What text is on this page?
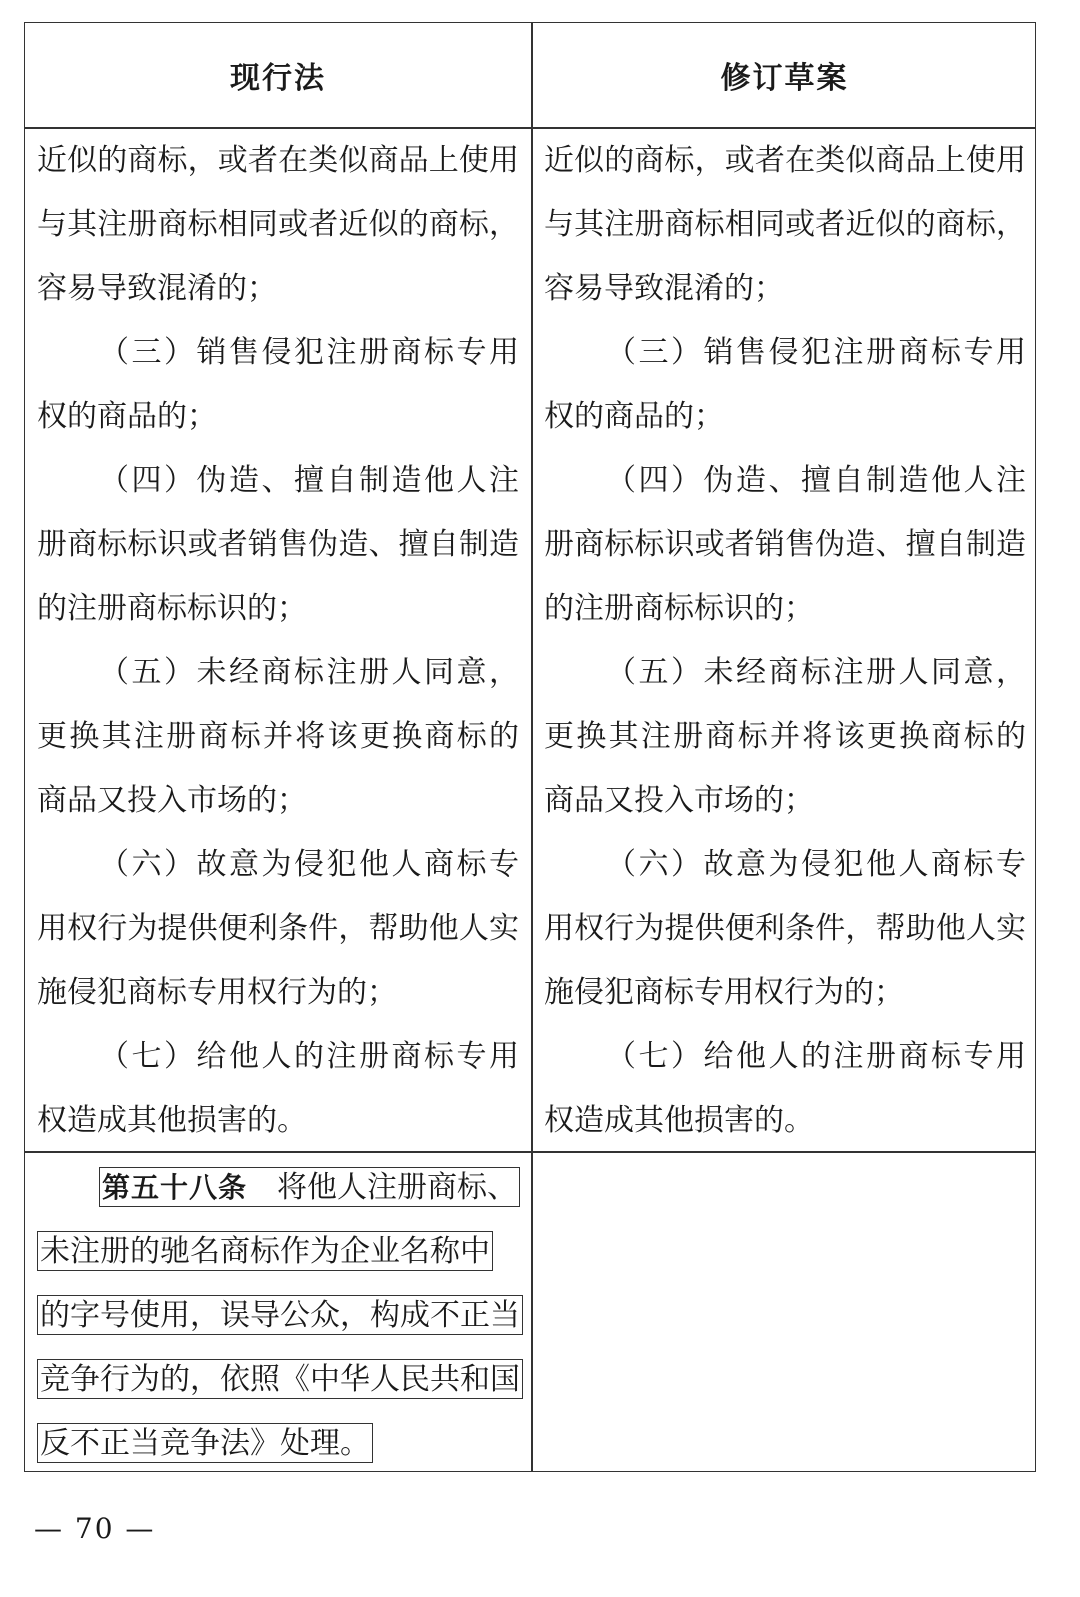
现行法	修订草案
近似的商标，或者在类似商品上使用
与其注册商标相同或者近似的商标，
容易导致混淆的；
（三）销售侵犯注册商标专用
权的商品的；
（四）伪造、擅自制造他人注
册商标标识或者销售伪造、擅自制造
的注册商标标识的；
（五）未经商标注册人同意，
更换其注册商标并将该更换商标的
商品又投入市场的；
（六）故意为侵犯他人商标专
用权行为提供便利条件，帮助他人实
施侵犯商标专用权行为的；
（七）给他人的注册商标专用
权造成其他损害的。
近似的商标，或者在类似商品上使用
与其注册商标相同或者近似的商标，
容易导致混淆的；
（三）销售侵犯注册商标专用
权的商品的；
（四）伪造、擅自制造他人注
册商标标识或者销售伪造、擅自制造
的注册商标标识的；
（五）未经商标注册人同意，
更换其注册商标并将该更换商标的
商品又投入市场的；
（六）故意为侵犯他人商标专
用权行为提供便利条件，帮助他人实
施侵犯商标专用权行为的；
（七）给他人的注册商标专用
权造成其他损害的。
第五十八条 将他人注册商标、
未注册的驰名商标作为企业名称中
的字号使用，误导公众，构成不正当
竞争行为的，依照《中华人民共和国
反不正当竞争法》处理。
— 70 —
